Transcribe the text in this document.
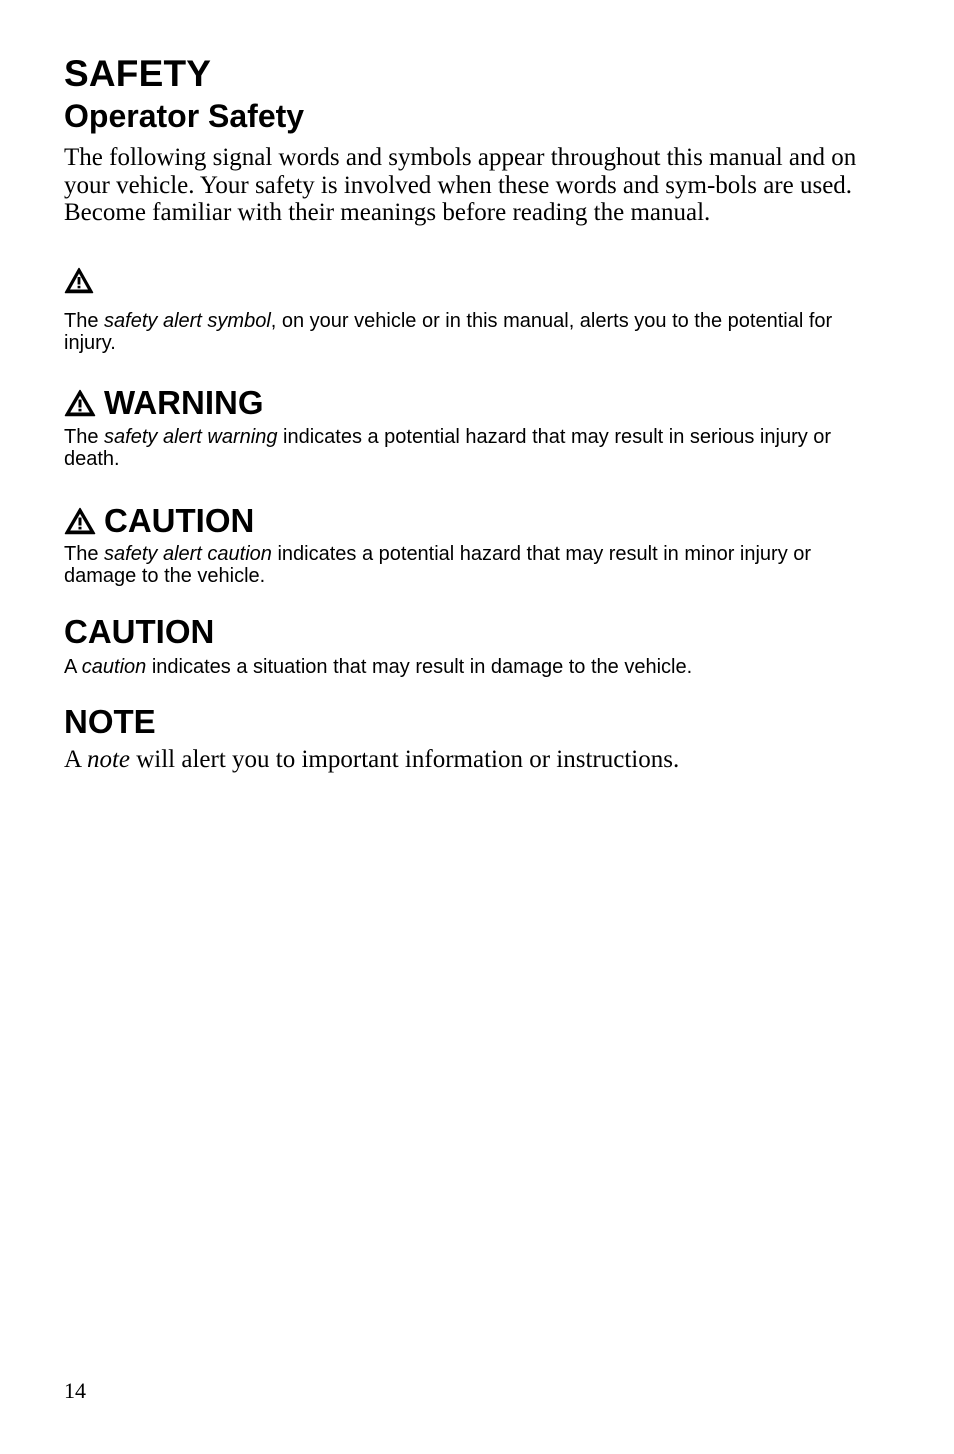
SAFETY
Operator Safety

The following signal words and symbols appear throughout this manual and on your vehicle. Your safety is involved when these words and sym-bols are used. Become familiar with their meanings before reading the manual.

The safety alert symbol, on your vehicle or in this manual, alerts you to the potential for injury.

WARNING

The safety alert warning indicates a potential hazard that may result in serious injury or death.

CAUTION

The safety alert caution indicates a potential hazard that may result in minor injury or damage to the vehicle.

CAUTION

A caution indicates a situation that may result in damage to the vehicle.

NOTE

A note will alert you to important information or instructions.

14
